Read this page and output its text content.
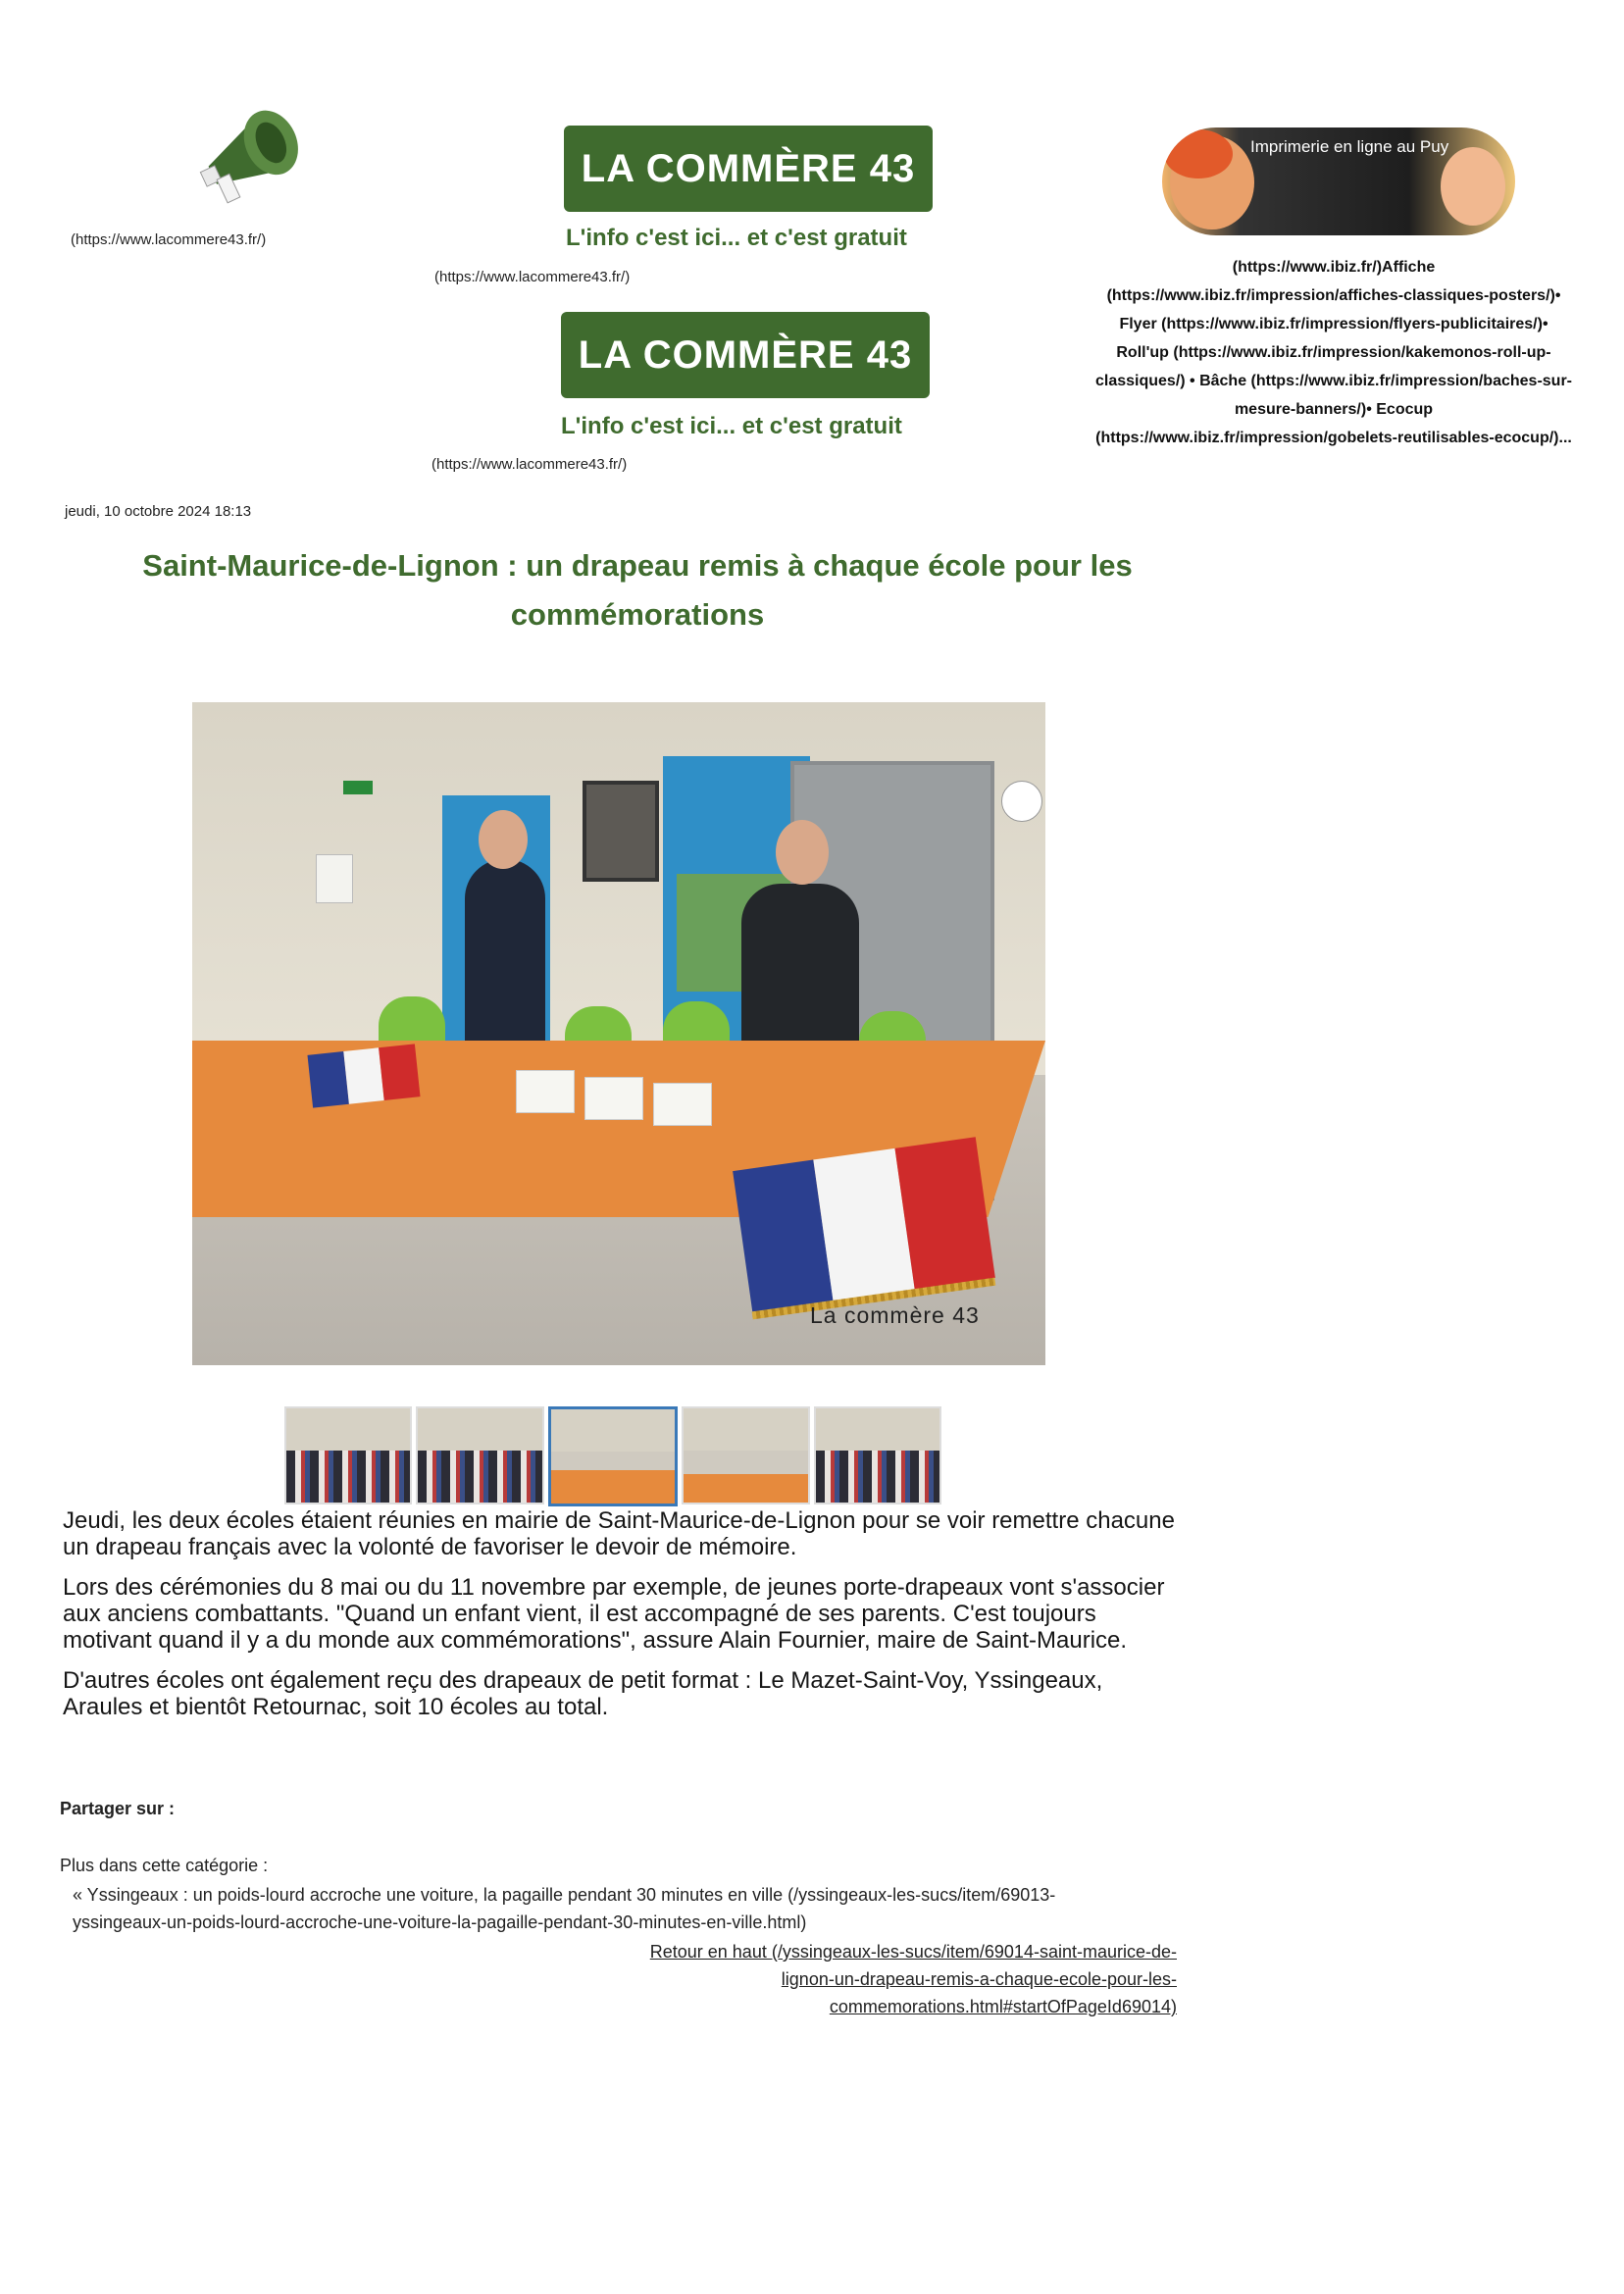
(https://www.lacommere43.fr/)
LA COMMÈRE 43
L'info c'est ici... et c'est gratuit
(https://www.lacommere43.fr/)
LA COMMÈRE 43
L'info c'est ici... et c'est gratuit
(https://www.lacommere43.fr/)
Imprimerie en ligne au Puy
(https://www.ibiz.fr/)Affiche
(https://www.ibiz.fr/impression/affiches-classiques-posters/)•
Flyer (https://www.ibiz.fr/impression/flyers-publicitaires/)•
Roll'up (https://www.ibiz.fr/impression/kakemonos-roll-up-
classiques/) • Bâche (https://www.ibiz.fr/impression/baches-sur-
mesure-banners/)• Ecocup
(https://www.ibiz.fr/impression/gobelets-reutilisables-ecocup/)...
jeudi, 10 octobre 2024 18:13
Saint-Maurice-de-Lignon : un drapeau remis à chaque école pour les
commémorations
La commère 43

Jeudi, les deux écoles étaient réunies en mairie de Saint-Maurice-de-Lignon pour se voir remettre chacune un drapeau français avec la volonté de favoriser le devoir de mémoire.

Lors des cérémonies du 8 mai ou du 11 novembre par exemple, de jeunes porte-drapeaux vont s'associer aux anciens combattants. "Quand un enfant vient, il est accompagné de ses parents. C'est toujours motivant quand il y a du monde aux commémorations", assure Alain Fournier, maire de Saint-Maurice.

D'autres écoles ont également reçu des drapeaux de petit format : Le Mazet-Saint-Voy, Yssingeaux, Araules et bientôt Retournac, soit 10 écoles au total.

Partager sur :
Plus dans cette catégorie :
« Yssingeaux : un poids-lourd accroche une voiture, la pagaille pendant 30 minutes en ville (/yssingeaux-les-sucs/item/69013-yssingeaux-un-poids-lourd-accroche-une-voiture-la-pagaille-pendant-30-minutes-en-ville.html)
Retour en haut (/yssingeaux-les-sucs/item/69014-saint-maurice-de-lignon-un-drapeau-remis-a-chaque-ecole-pour-les-commemorations.html#startOfPageId69014)
